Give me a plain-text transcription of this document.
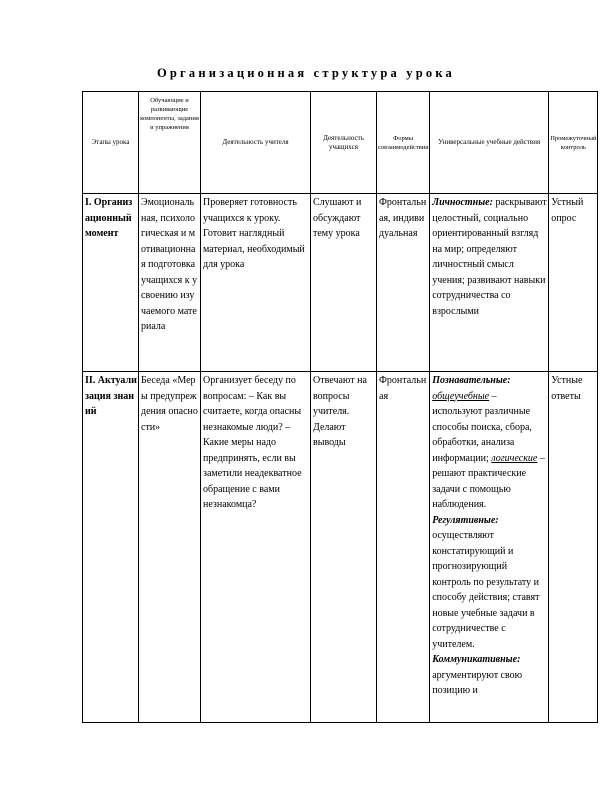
Организационная структура урока
Этапы урока	Обучающие и развивающие компоненты, задания и упражнения	Деятельность учителя	Деятельность учащихся	Формы совзаимодействия	Универсальные учебные действия	Промежуточный контроль
I. Организационный момент	Эмоциональная, психологическая и мотивационная подготовка учащихся к усвоению изучаемого материала	Проверяет готовность учащихся к уроку. Готовит наглядный материал, необходимый для урока	Слушают и обсуждают тему урока	Фронтальная, индивидуальная	Личностные: раскрывают целостный, социально ориентированный взгляд на мир; определяют личностный смысл учения; развивают навыки сотрудничества со взрослыми	Устный опрос
II. Актуализация знаний	Беседа «Меры предупреждения опасности»	Организует беседу по вопросам: – Как вы считаете, когда опасны незнакомые люди? – Какие меры надо предпринять, если вы заметили неадекватное обращение с вами незнакомца?	Отвечают на вопросы учителя. Делают выводы	Фронтальная	Познавательные: общеучебные – используют различные способы поиска, сбора, обработки, анализа информации; логические – решают практические задачи с помощью наблюдения. Регулятивные: осуществляют констатирующий и прогнозирующий контроль по результату и способу действия; ставят новые учебные задачи в сотрудничестве с учителем. Коммуникативные: аргументируют свою позицию и	Устные ответы
